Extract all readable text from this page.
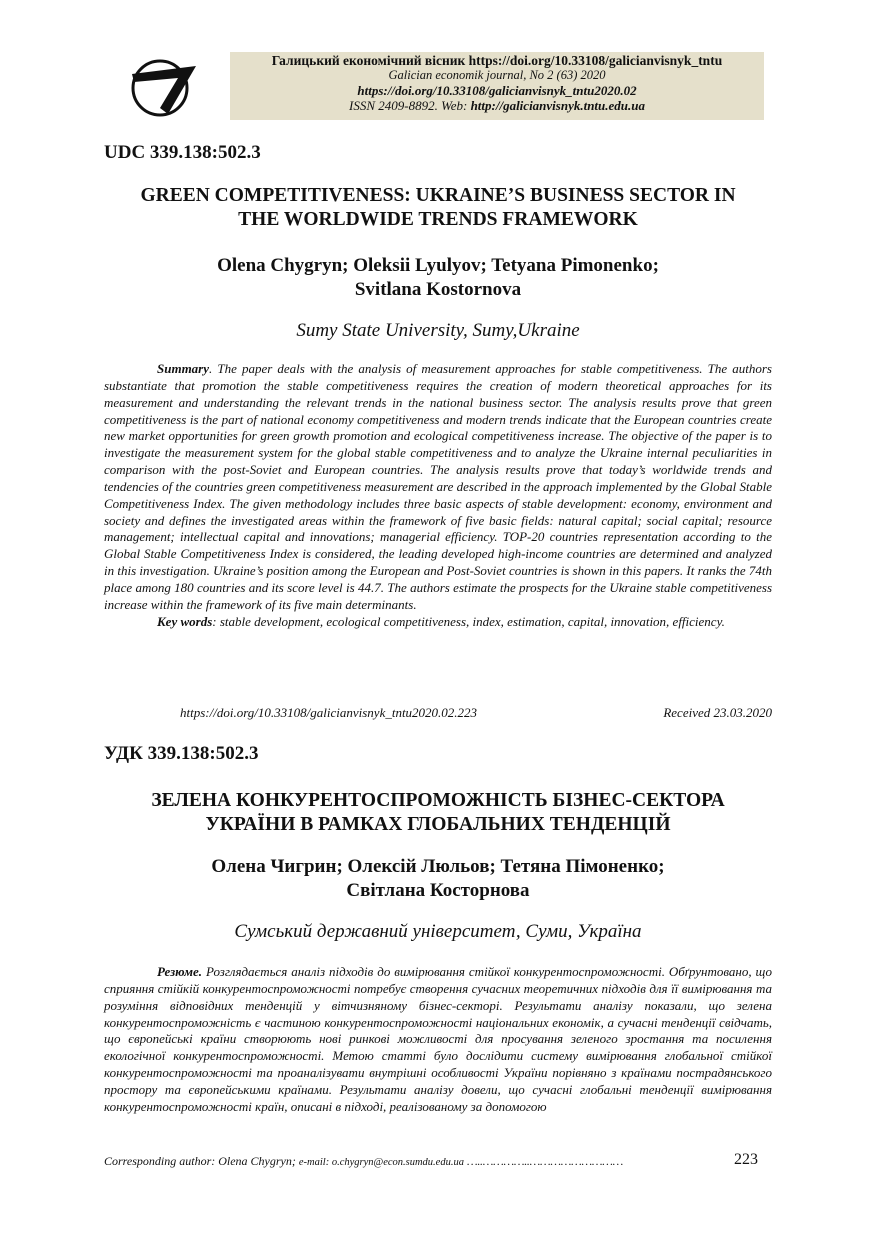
ТНТУ
Галицький економічний вісник https://doi.org/10.33108/galicianvisnyk_tntu
Galician economik journal, No 2 (63) 2020
https://doi.org/10.33108/galicianvisnyk_tntu2020.02
ISSN 2409-8892. Web: http://galicianvisnyk.tntu.edu.ua
UDC 339.138:502.3
GREEN COMPETITIVENESS: UKRAINE’S BUSINESS SECTOR IN
THE WORLDWIDE TRENDS FRAMEWORK
Olena Chygryn; Oleksii Lyulyov; Tetyana Pimonenko;
Svitlana Kostornova
Sumy State University, Sumy,Ukraine

Summary. The paper deals with the analysis of measurement approaches for stable competitiveness. The authors substantiate that promotion the stable competitiveness requires the creation of modern theoretical approaches for its measurement and understanding the relevant trends in the national business sector. The analysis results prove that green competitiveness is the part of national economy competitiveness and modern trends indicate that the European countries create new market opportunities for green growth promotion and ecological competitiveness increase. The objective of the paper is to investigate the measurement system for the global stable competitiveness and to analyze the Ukraine internal peculiarities in comparison with the post-Soviet and European countries. The analysis results prove that today’s worldwide trends and tendencies of the countries green competitiveness measurement are described in the approach implemented by the Global Stable Competitiveness Index. The given methodology includes three basic aspects of stable development: economy, environment and society and defines the investigated areas within the framework of five basic fields: natural capital; social capital; resource management; intellectual capital and innovations; managerial efficiency. TOP-20 countries representation according to the Global Stable Competitiveness Index is considered, the leading developed high-income countries are determined and analyzed in this investigation. Ukraine’s position among the European and Post-Soviet countries is shown in this papers. It ranks the 74th place among 180 countries and its score level is 44.7. The authors estimate the prospects for the Ukraine stable competitiveness increase within the framework of its five main determinants.

Key words: stable development, ecological competitiveness, index, estimation, capital, innovation, efficiency.

https://doi.org/10.33108/galicianvisnyk_tntu2020.02.223	Received 23.03.2020
УДК 339.138:502.3
ЗЕЛЕНА КОНКУРЕНТОСПРОМОЖНІСТЬ БІЗНЕС-СЕКТОРА
УКРАЇНИ В РАМКАХ ГЛОБАЛЬНИХ ТЕНДЕНЦІЙ
Олена Чигрин; Олексій Люльов; Тетяна Пімоненко;
Світлана Косторнова
Сумський державний університет, Суми, Україна

Резюме. Розглядається аналіз підходів до вимірювання стійкої конкурентоспроможності. Обґрунтовано, що сприяння стійкій конкурентоспроможності потребує створення сучасних теоретичних підходів для її вимірювання та розуміння відповідних тенденцій у вітчизняному бізнес-секторі. Результати аналізу показали, що зелена конкурентоспроможність є частиною конкурентоспроможності національних економік, а сучасні тенденції свідчать, що європейські країни створюють нові ринкові можливості для просування зеленого зростання та посилення екологічної конкурентоспроможності. Метою статті було дослідити систему вимірювання глобальної стійкої конкурентоспроможності та проаналізувати внутрішні особливості України порівняно з країнами пострадянського простору та європейськими країнами. Результати аналізу довели, що сучасні глобальні тенденції вимірювання конкурентоспроможності країн, описані в підході, реалізованому за допомогою

Corresponding author: Olena Chygryn; e-mail: o.chygryn@econ.sumdu.edu.ua …..…………..………………………	223
